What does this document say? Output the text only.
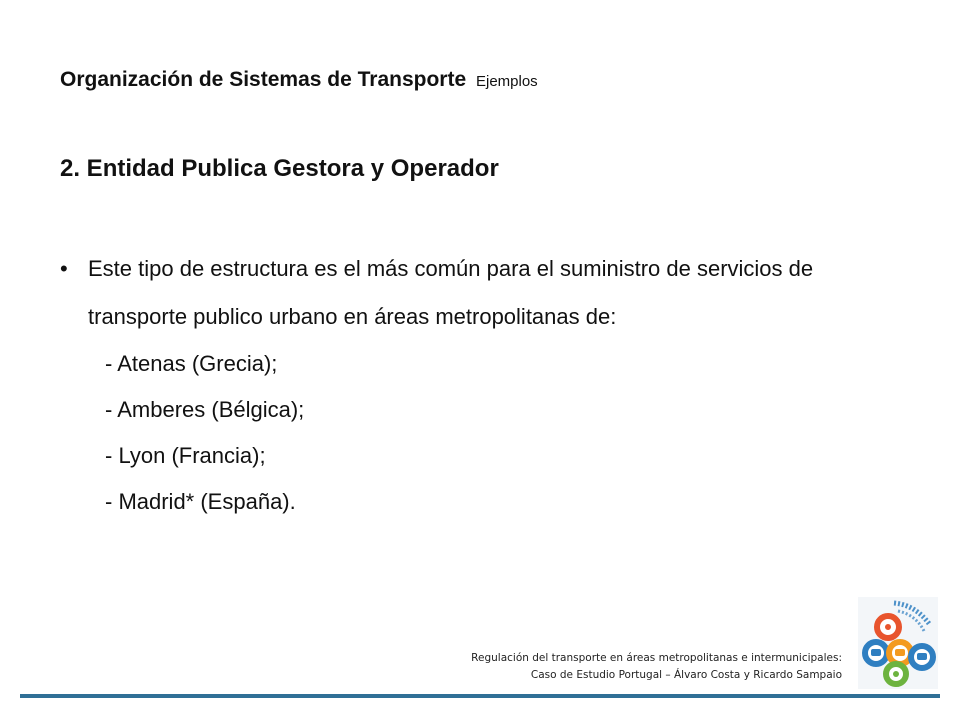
Organización de Sistemas de Transporte Ejemplos
2. Entidad Publica Gestora y Operador
• Este tipo de estructura es el más común para el suministro de servicios de transporte publico urbano en áreas metropolitanas de:
- Atenas (Grecia);
- Amberes (Bélgica);
- Lyon (Francia);
- Madrid* (España).
Regulación del transporte en áreas metropolitanas e intermunicipales:
Caso de Estudio Portugal – Álvaro Costa y Ricardo Sampaio
